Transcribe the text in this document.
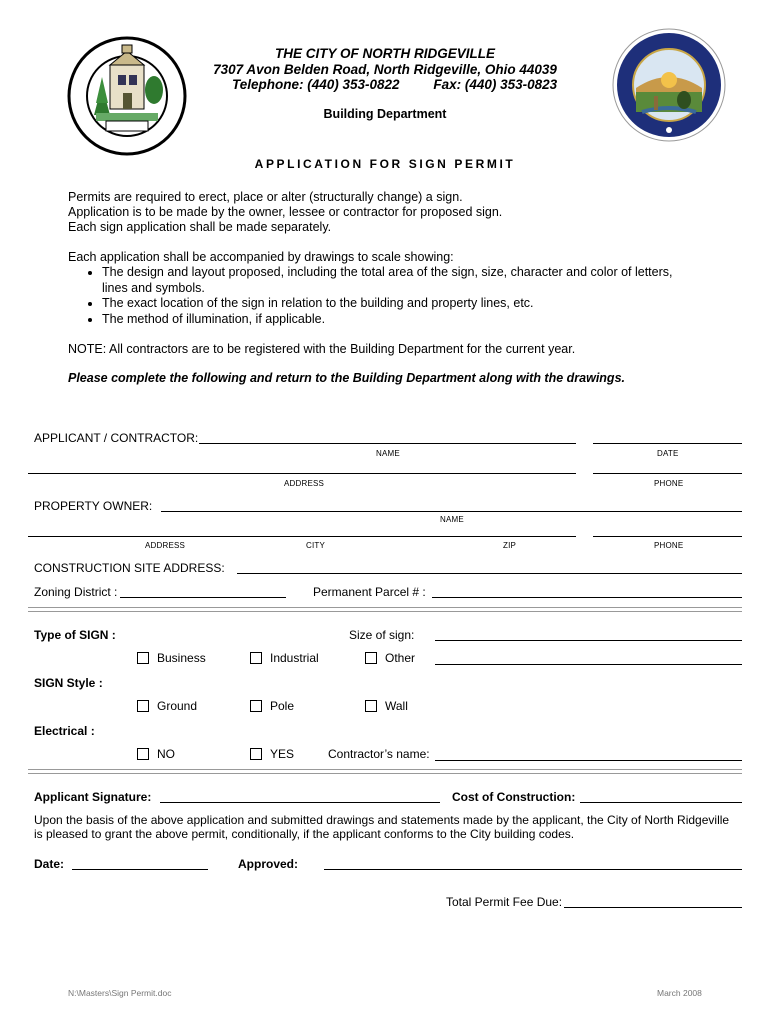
THE CITY OF NORTH RIDGEVILLE
7307 Avon Belden Road, North Ridgeville, Ohio 44039
Telephone: (440) 353-0822	Fax: (440) 353-0823
Building Department
APPLICATION FOR SIGN PERMIT
Permits are required to erect, place or alter (structurally change) a sign.
Application is to be made by the owner, lessee or contractor for proposed sign.
Each sign application shall be made separately.
Each application shall be accompanied by drawings to scale showing:
• The design and layout proposed, including the total area of the sign, size, character and color of letters, lines and symbols.
• The exact location of the sign in relation to the building and property lines, etc.
• The method of illumination, if applicable.
NOTE: All contractors are to be registered with the Building Department for the current year.
Please complete the following and return to the Building Department along with the drawings.
APPLICANT / CONTRACTOR:
NAME	DATE
ADDRESS	PHONE
PROPERTY OWNER:
NAME
ADDRESS	CITY	ZIP	PHONE
CONSTRUCTION SITE ADDRESS:
Zoning District :	Permanent Parcel # :
Type of SIGN :	Size of sign:
Business	Industrial	Other
SIGN Style :
Ground	Pole	Wall
Electrical :
NO	YES	Contractor’s name:
Applicant Signature:	Cost of Construction:
Upon the basis of the above application and submitted drawings and statements made by the applicant, the City of North Ridgeville is pleased to grant the above permit, conditionally, if the applicant conforms to the City building codes.
Date:	Approved:
Total Permit Fee Due:
N:\Masters\Sign Permit.doc	March 2008
